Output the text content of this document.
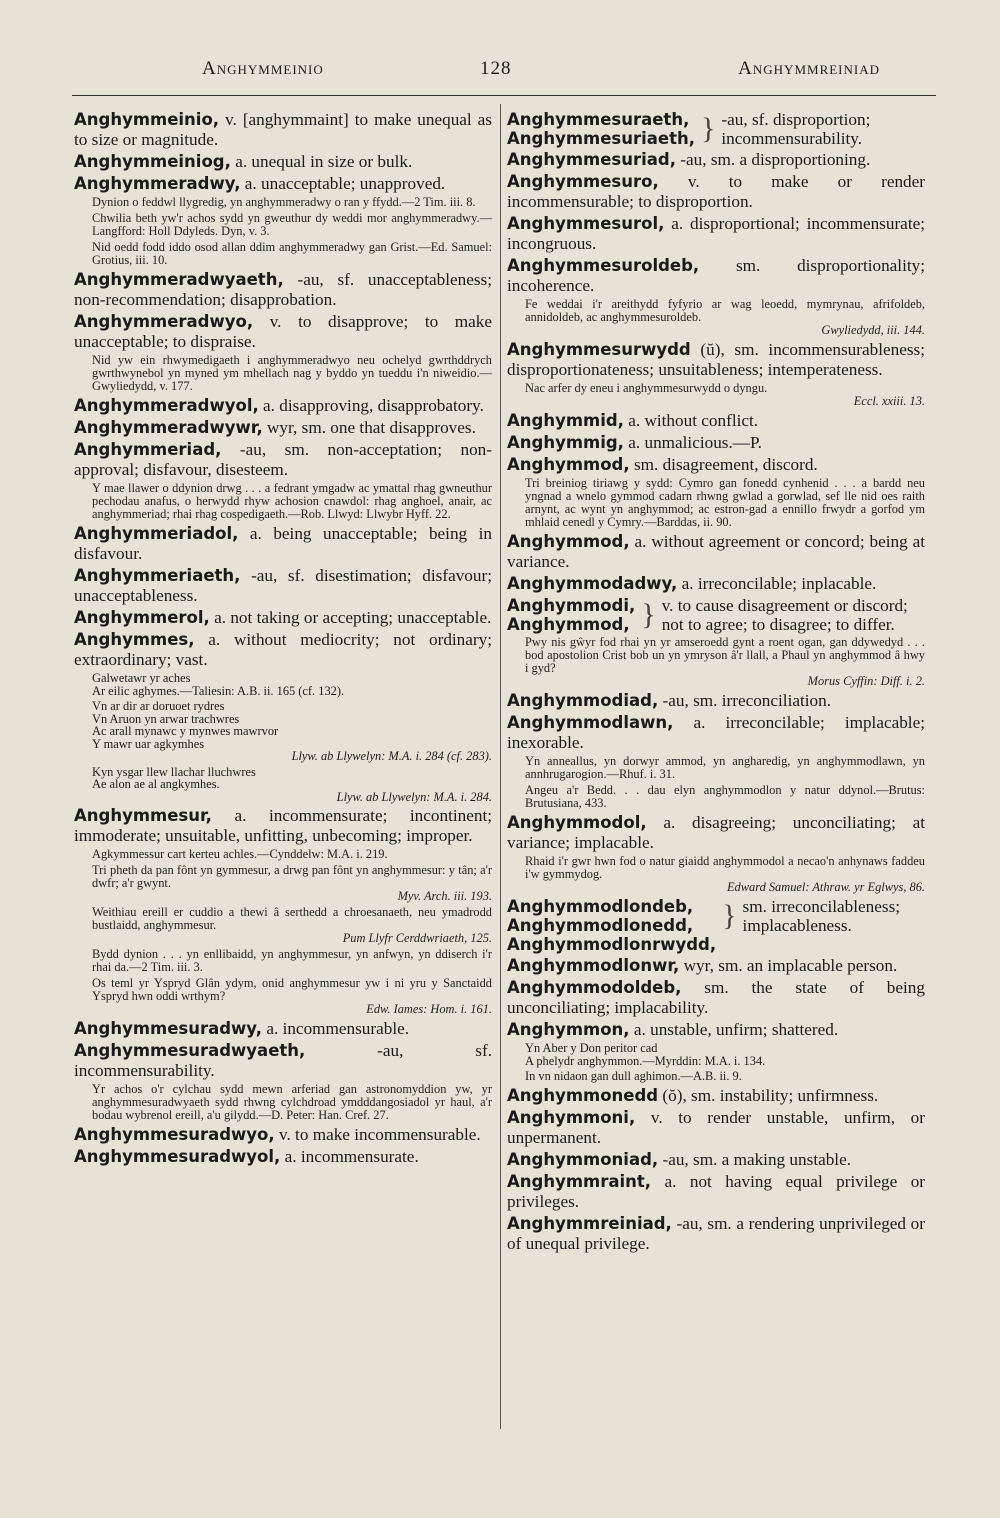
Anghymmeinio	128	Anghymmreiniad

Anghymmeinio, v. [anghymmaint] to make unequal as to size or magnitude.

Anghymmeiniog, a. unequal in size or bulk.

Anghymmeradwy, a. unacceptable; unapproved.

Dynion o feddwl llygredig, yn anghymmeradwy o ran y ffydd.—2 Tim. iii. 8.
Chwilia beth yw'r achos sydd yn gweuthur dy weddi mor anghymmeradwy.—Langfford: Holl Ddyleds. Dyn, v. 3.
Nid oedd fodd iddo osod allan ddim anghymmeradwy gan Grist.—Ed. Samuel: Grotius, iii. 10.

Anghymmeradwyaeth, -au, sf. unacceptableness; non-recommendation; disapprobation.

Anghymmeradwyo, v. to disapprove; to make unacceptable; to dispraise.

Nid yw ein rhwymedigaeth i anghymmeradwyo neu ochelyd gwrthddrych gwrthwynebol yn myned ym mhellach nag y byddo yn tueddu i'n niweidio.—Gwyliedydd, v. 177.

Anghymmeradwyol, a. disapproving, disapprobatory.

Anghymmeradwywr, wyr, sm. one that disapproves.

Anghymmeriad, -au, sm. non-acceptation; non-approval; disfavour, disesteem.

Y mae llawer o ddynion drwg . . . a fedrant ymgadw ac ymattal rhag gwneuthur pechodau anafus, o herwydd rhyw achosion cnawdol: rhag anghoel, anair, ac anghymmeriad; rhai rhag cospedigaeth.—Rob. Llwyd: Llwybr Hyff. 22.

Anghymmeriadol, a. being unacceptable; being in disfavour.

Anghymmeriaeth, -au, sf. disestimation; disfavour; unacceptableness.

Anghymmerol, a. not taking or accepting; unacceptable.

Anghymmes, a. without mediocrity; not ordinary; extraordinary; vast.

Galwetawr yr aches
Ar eilic aghymes.—Taliesin: A.B. ii. 165 (cf. 132).
Vn ar dir ar doruoet rydres
Vn Aruon yn arwar trachwres
Ac arall mynawc y mynwes mawrvor
Y mawr uar agkymhes
Llyw. ab Llywelyn: M.A. i. 284 (cf. 283).
Kyn ysgar llew llachar lluchwres
Ae alon ae al angkymhes.
Llyw. ab Llywelyn: M.A. i. 284.

Anghymmesur, a. incommensurate; incontinent; immoderate; unsuitable, unfitting, unbecoming; improper.

Agkymmessur cart kerteu achles.—Cynddelw: M.A. i. 219.
Tri pheth da pan fônt yn gymmesur, a drwg pan fônt yn anghymmesur: y tân; a'r dwfr; a'r gwynt.
Myv. Arch. iii. 193.
Weithiau ereill er cuddio a thewi â serthedd a chroesanaeth, neu ymadrodd bustlaidd, anghymmesur.
Pum Llyfr Cerddwriaeth, 125.
Bydd dynion . . . yn enllibaidd, yn anghymmesur, yn anfwyn, yn ddiserch i'r rhai da.—2 Tim. iii. 3.
Os teml yr Yspryd Glân ydym, onid anghymmesur yw i ni yru y Sanctaidd Yspryd hwn oddi wrthym?
Edw. Iames: Hom. i. 161.

Anghymmesuradwy, a. incommensurable.

Anghymmesuradwyaeth,	-au, sf. incommensurability.

Yr achos o'r cylchau sydd mewn arferiad gan astronomyddion yw, yr anghymmesuradwyaeth sydd rhwng cylchdroad ymdddangosiadol yr haul, a'r bodau wybrenol ereill, a'u gilydd.—D. Peter: Han. Cref. 27.

Anghymmesuradwyo, v. to make incommensurable.

Anghymmesuradwyol, a. incommensurate.

Anghymmesuraeth,
Anghymmesuriaeth, } -au, sf. disproportion; incommensurability.

Anghymmesuriad, -au, sm. a disproportioning.

Anghymmesuro, v. to make or render incommensurable; to disproportion.

Anghymmesurol, a. disproportional; incommensurate; incongruous.

Anghymmesuroldeb, sm. disproportionality; incoherence.

Fe weddai i'r areithydd fyfyrio ar wag leoedd, mymrynau, afrifoldeb, annidoldeb, ac anghymmesuroldeb.
Gwyliedydd, iii. 144.

Anghymmesurwydd (ŭ), sm. incommensurableness; disproportionateness; unsuitableness; intemperateness.

Nac arfer dy eneu i anghymmesurwydd o dyngu.
Eccl. xxiii. 13.

Anghymmid, a. without conflict.

Anghymmig, a. unmalicious.—P.

Anghymmod, sm. disagreement, discord.

Tri breiniog tiriawg y sydd: Cymro gan fonedd cynhenid . . . a bardd neu yngnad a wnelo gymmod cadarn rhwng gwlad a gorwlad, sef lle nid oes raith arnynt, ac wynt yn anghymmod; ac estron-gad a ennillo frwydr a gorfod ym mhlaid cenedl y Cymry.—Barddas, ii. 90.

Anghymmod, a. without agreement or concord; being at variance.

Anghymmodadwy, a. irreconcilable; inplacable.

Anghymmodi,
Anghymmod, } v. to cause disagreement or discord; not to agree; to disagree; to differ.
Pwy nis gŵyr fod rhai yn yr amseroedd gynt a roent ogan, gan ddywedyd . . . bod apostolion Crist bob un yn ymryson â'r llall, a Phaul yn anghymmod â hwy i gyd?
Morus Cyffin: Diff. i. 2.

Anghymmodiad, -au, sm. irreconciliation.

Anghymmodlawn, a. irreconcilable; implacable; inexorable.

Yn anneallus, yn dorwyr ammod, yn angharedig, yn anghymmodlawn, yn annhrugarogion.—Rhuf. i. 31.
Angeu a'r Bedd. . . dau elyn anghymmodlon y natur ddynol.—Brutus: Brutusiana, 433.

Anghymmodol, a. disagreeing; unconciliating; at variance; implacable.

Rhaid i'r gwr hwn fod o natur giaidd anghymmodol a necao'n anhynaws faddeu i'w gymmydog.
Edward Samuel: Athraw. yr Eglwys, 86.
Anghymmodlondeb,
Anghymmodlonedd,
Anghymmodlonrwydd,
} sm. irreconcilableness; implacableness.

Anghymmodlonwr, wyr, sm. an implacable person.

Anghymmodoldeb, sm. the state of being unconciliating; implacability.

Anghymmon, a. unstable, unfirm; shattered.

Yn Aber y Don peritor cad
A phelydr anghymmon.—Myrddin: M.A. i. 134.
In vn nidaon gan dull aghimon.—A.B. ii. 9.

Anghymmonedd (ŏ), sm. instability; unfirmness.

Anghymmoni, v. to render unstable, unfirm, or unpermanent.

Anghymmoniad, -au, sm. a making unstable.

Anghymmraint, a. not having equal privilege or privileges.

Anghymmreiniad, -au, sm. a rendering unprivileged or of unequal privilege.
